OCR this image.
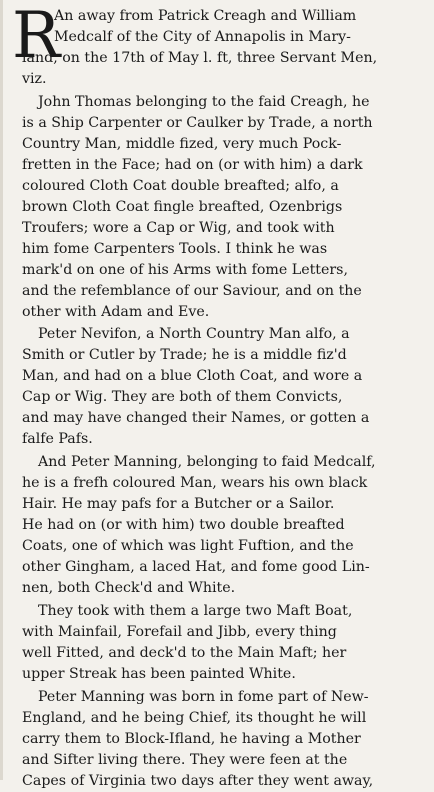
R
An away from Patrick Creagh and William
Medcalf of the City of Annapolis in Mary-
land, on the 17th of May l. ft, three Servant Men,
viz.
John Thomas belonging to the faid Creagh, he
is a Ship Carpenter or Caulker by Trade, a north
Country Man, middle fized, very much Pock-
fretten in the Face; had on (or with him) a dark
coloured Cloth Coat double breafted; alfo, a
brown Cloth Coat fingle breafted, Ozenbrigs
Troufers; wore a Cap or Wig, and took with
him fome Carpenters Tools. I think he was
mark'd on one of his Arms with fome Letters,
and the refemblance of our Saviour, and on the
other with Adam and Eve.
Peter Nevifon, a North Country Man alfo, a
Smith or Cutler by Trade; he is a middle fiz'd
Man, and had on a blue Cloth Coat, and wore a
Cap or Wig. They are both of them Convicts,
and may have changed their Names, or gotten a
falfe Pafs.
And Peter Manning, belonging to faid Medcalf,
he is a frefh coloured Man, wears his own black
Hair. He may pafs for a Butcher or a Sailor.
He had on (or with him) two double breafted
Coats, one of which was light Fuftion, and the
other Gingham, a laced Hat, and fome good Lin-
nen, both Check'd and White.
They took with them a large two Maft Boat,
with Mainfail, Forefail and Jibb, every thing
well Fitted, and deck'd to the Main Maft; her
upper Streak has been painted White.
Peter Manning was born in fome part of New-
England, and he being Chief, its thought he will
carry them to Block-Ifland, he having a Mother
and Sifter living there. They were feen at the
Capes of Virginia two days after they went away,
